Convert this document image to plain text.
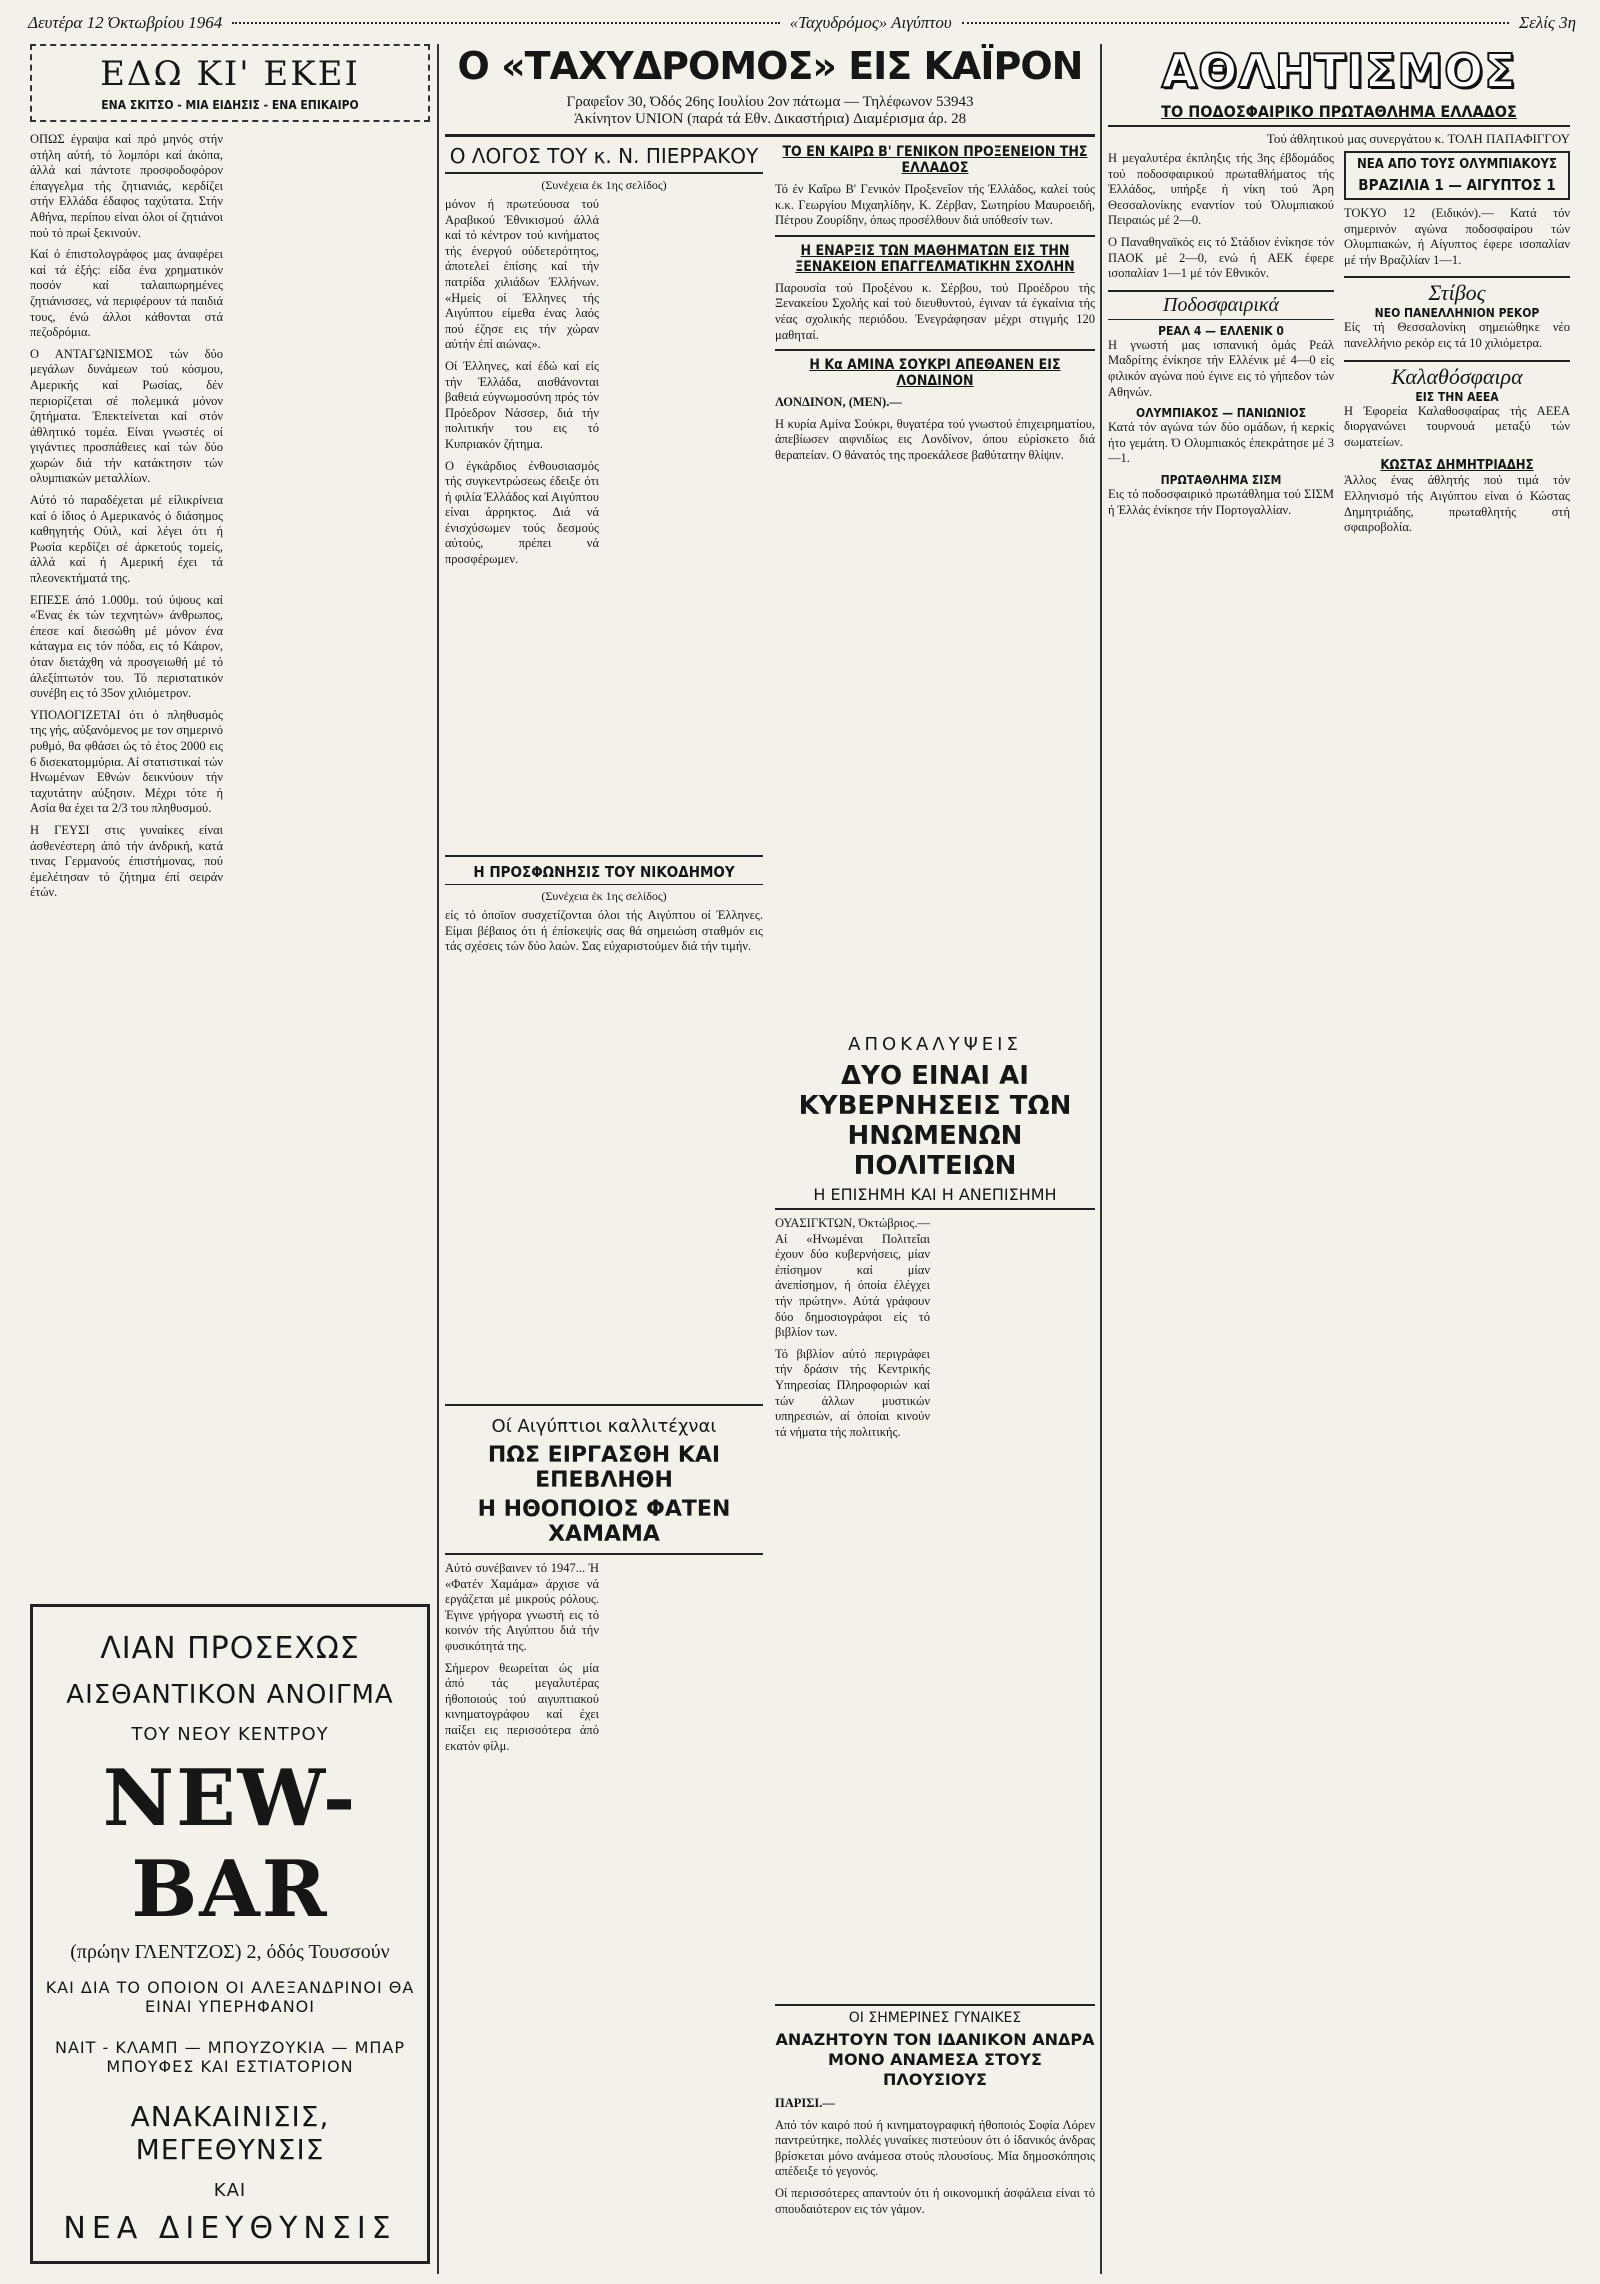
Δευτέρα 12 Όκτωβρίου 1964	«Ταχυδρόμος» Αιγύπτου	Σελίς 3η
ΕΔΩ ΚΙ' ΕΚΕΙ
ΕΝΑ ΣΚΙΤΣΟ - ΜΙΑ ΕΙΔΗΣΙΣ - ΕΝΑ ΕΠΙΚΑΙΡΟ

ΟΠΩΣ έγραψα καί πρό μηνός στήν στήλη αύτή, τό λομπόρι καί άκόπα, άλλά καί πάντοτε προσφοδοφόρον έπαγγελμα τής ζητιανιάς, κερδίζει στήν Ελλάδα έδαφος ταχύτατα. Στήν Αθήνα, περίπου είναι όλοι οί ζητιάνοι πού τό πρωί ξεκινούν.

Καί ό έπιστολογράφος μας άναφέρει καί τά έξής: είδα ένα χρηματικόν ποσόν καί ταλαιπωρημένες ζητιάνισσες, νά περιφέρουν τά παιδιά τους, ένώ άλλοι κάθονται στά πεζοδρόμια.

Ο ΑΝΤΑΓΩΝΙΣΜΟΣ τών δύο μεγάλων δυνάμεων τού κόσμου, Αμερικής καί Ρωσίας, δέν περιορίζεται σέ πολεμικά μόνον ζητήματα. Έπεκτείνεται καί στόν άθλητικό τομέα. Είναι γνωστές οί γιγάντιες προσπάθειες καί τών δύο χωρών διά τήν κατάκτησιν τών ολυμπιακών μεταλλίων.

Αύτό τό παραδέχεται μέ είλικρίνεια καί ό ίδιος ό Αμερικανός ό διάσημος καθηγητής Ούιλ, καί λέγει ότι ή Ρωσία κερδίζει σέ άρκετούς τομείς, άλλά καί ή Αμερική έχει τά πλεονεκτήματά της.

ΕΠΕΣΕ άπό 1.000μ. τού ύψους καί «Ένας έκ τών τεχνητών» άνθρωπος, έπεσε καί διεσώθη μέ μόνον ένα κάταγμα εις τόν πόδα, εις τό Κάιρον, όταν διετάχθη νά προσγειωθή μέ τό άλεξίπτωτόν του. Τό περιστατικόν συνέβη εις τό 35ον χιλιόμετρον.

ΥΠΟΛΟΓΙΖΕΤΑΙ ότι ό πληθυσμός της γής, αύξανόμενος με τον σημερινό ρυθμό, θα φθάσει ώς τό έτος 2000 εις 6 δισεκατομμύρια. Αί στατιστικαί τών Ηνωμένων Εθνών δεικνύουν τήν ταχυτάτην αύξησιν. Μέχρι τότε ή Ασία θα έχει τα 2/3 του πληθυσμού.

Η ΓΕΥΣΙ στις γυναίκες είναι άσθενέστερη άπό τήν άνδρική, κατά τινας Γερμανούς έπιστήμονας, πού έμελέτησαν τό ζήτημα έπί σειράν έτών.

ΛΙΑΝ ΠΡΟΣΕΧΩΣ
ΑΙΣΘΑΝΤΙΚΟΝ ΑΝΟΙΓΜΑ
ΤΟΥ ΝΕΟΥ ΚΕΝΤΡΟΥ
NEW-BAR
(πρώην ΓΛΕΝΤΖΟΣ) 2, όδός Τουσσούν
ΚΑΙ ΔΙΑ ΤΟ ΟΠΟΙΟΝ ΟΙ ΑΛΕΞΑΝΔΡΙΝΟΙ ΘΑ ΕΙΝΑΙ ΥΠΕΡΗΦΑΝΟΙ
ΝΑΙΤ - ΚΛΑΜΠ — ΜΠΟΥΖΟΥΚΙΑ — ΜΠΑΡ ΜΠΟΥΦΕΣ ΚΑΙ ΕΣΤΙΑΤΟΡΙΟΝ
ΑΝΑΚΑΙΝΙΣΙΣ, ΜΕΓΕΘΥΝΣΙΣ
ΚΑΙ
ΝΕΑ ΔΙΕΥΘΥΝΣΙΣ
Ο «ΤΑΧΥΔΡΟΜΟΣ» ΕΙΣ ΚΑΪΡΟΝ
Γραφεΐον 30, Όδός 26ης Ιουλίου 2ον πάτωμα — Τηλέφωνον 53943
Άκίνητον UNION (παρά τά Εθν. Δικαστήρια) Διαμέρισμα άρ. 28
Ο ΛΟΓΟΣ ΤΟΥ κ. Ν. ΠΙΕΡΡΑΚΟΥ
(Συνέχεια έκ 1ης σελίδος)

μόνον ή πρωτεύουσα τού Αραβικού Έθνικισμού άλλά καί τό κέντρον τού κινήματος τής ένεργού ούδετερότητος, άποτελεί έπίσης καί τήν πατρίδα χιλιάδων Έλλήνων. «Ημείς οί Έλληνες τής Αιγύπτου είμεθα ένας λαός πού έζησε εις τήν χώραν αύτήν έπί αιώνας».

Οί Έλληνες, καί έδώ καί είς τήν Έλλάδα, αισθάνονται βαθειά εύγνωμοσύνη πρός τόν Πρόεδρον Νάσσερ, διά τήν πολιτικήν του εις τό Κυπριακόν ζήτημα.

Ο έγκάρδιος ένθουσιασμός τής συγκεντρώσεως έδειξε ότι ή φιλία Έλλάδος καί Αιγύπτου είναι άρρηκτος. Διά νά ένισχύσωμεν τούς δεσμούς αύτούς, πρέπει νά προσφέρωμεν.

Η ΠΡΟΣΦΩΝΗΣΙΣ ΤΟΥ ΝΙΚΟΔΗΜΟΥ
(Συνέχεια έκ 1ης σελίδος)

είς τό όποϊον συσχετίζονται όλοι τής Αιγύπτου οί Έλληνες. Είμαι βέβαιος ότι ή έπίσκεψίς σας θά σημειώση σταθμόν εις τάς σχέσεις τών δύο λαών. Σας εύχαριστούμεν διά τήν τιμήν.

ΤΟ ΕΝ ΚΑΙΡΩ Β' ΓΕΝΙΚΟΝ ΠΡΟΞΕΝΕΙΟΝ ΤΗΣ ΕΛΛΑΔΟΣ

Τό έν Καΐρω Β' Γενικόν Προξενεΐον τής Έλλάδος, καλεί τούς κ.κ. Γεωργίου Μιχαηλίδην, Κ. Ζέρβαν, Σωτηρίου Μαυροειδή, Πέτρου Ζουρίδην, όπως προσέλθουν διά υπόθεσίν των.

Η ΕΝΑΡΞΙΣ ΤΩΝ ΜΑΘΗΜΑΤΩΝ ΕΙΣ ΤΗΝ ΞΕΝΑΚΕΙΟΝ ΕΠΑΓΓΕΛΜΑΤΙΚΗΝ ΣΧΟΛΗΝ

Παρουσία τού Προξένου κ. Σέρβου, τού Προέδρου τής Ξενακείου Σχολής καί τού διευθυντού, έγιναν τά έγκαίνια τής νέας σχολικής περιόδου. Ένεγράφησαν μέχρι στιγμής 120 μαθηταί.

Η Κα ΑΜΙΝΑ ΣΟΥΚΡΙ ΑΠΕΘΑΝΕΝ ΕΙΣ ΛΟΝΔΙΝΟΝ

ΛΟΝΔΙΝΟΝ, (ΜΕΝ).—

Η κυρία Αμίνα Σούκρι, θυγατέρα τού γνωστού έπιχειρηματίου, άπεβίωσεν αιφνιδίως εις Λονδίνον, όπου εύρίσκετο διά θεραπείαν. Ο θάνατός της προεκάλεσε βαθύτατην θλίψιν.

ΑΠΟΚΑΛΥΨΕΙΣ
ΔΥΟ ΕΙΝΑΙ ΑΙ ΚΥΒΕΡΝΗΣΕΙΣ ΤΩΝ ΗΝΩΜΕΝΩΝ ΠΟΛΙΤΕΙΩΝ
Η ΕΠΙΣΗΜΗ ΚΑΙ Η ΑΝΕΠΙΣΗΜΗ

ΟΥΑΣΙΓΚΤΩΝ, Όκτώβριος.— Αί «Ηνωμέναι Πολιτεΐαι έχουν δύο κυβερνήσεις, μίαν έπίσημον καί μίαν άνεπίσημον, ή όποία έλέγχει τήν πρώτην». Αύτά γράφουν δύο δημοσιογράφοι είς τό βιβλίον των.

Τό βιβλίον αύτό περιγράφει τήν δράσιν τής Κεντρικής Υπηρεσίας Πληροφοριών καί τών άλλων μυστικών υπηρεσιών, αί όποίαι κινούν τά νήματα τής πολιτικής.

Οί Αιγύπτιοι καλλιτέχναι
ΠΩΣ ΕΙΡΓΑΣΘΗ ΚΑΙ ΕΠΕΒΛΗΘΗ
Η ΗΘΟΠΟΙΟΣ ΦΑΤΕΝ ΧΑΜΑΜΑ

Αύτό συνέβαινεν τό 1947... Ή «Φατέν Χαμάμα» άρχισε νά εργάζεται μέ μικρούς ρόλους. Έγινε γρήγορα γνωστή εις τό κοινόν τής Αιγύπτου διά τήν φυσικότητά της.

Σήμερον θεωρείται ώς μία άπό τάς μεγαλυτέρας ήθοποιούς τού αιγυπτιακού κινηματογράφου καί έχει παίξει εις περισσότερα άπό εκατόν φίλμ.

ΟΙ ΣΗΜΕΡΙΝΕΣ ΓΥΝΑΙΚΕΣ
ΑΝΑΖΗΤΟΥΝ ΤΟΝ ΙΔΑΝΙΚΟΝ ΑΝΔΡΑ ΜΟΝΟ ΑΝΑΜΕΣΑ ΣΤΟΥΣ ΠΛΟΥΣΙΟΥΣ

ΠΑΡΙΣΙ.—

Από τόν καιρό πού ή κινηματογραφική ήθοποιός Σοφία Λόρεν παντρεύτηκε, πολλές γυναίκες πιστεύουν ότι ό ίδανικός άνδρας βρίσκεται μόνο ανάμεσα στούς πλουσίους. Μία δημοσκόπησις απέδειξε τό γεγονός.

Οί περισσότερες απαντούν ότι ή οικονομική άσφάλεια είναι τό σπουδαιότερον εις τόν γάμον.

ΑΘΛΗΤΙΣΜΟΣ
ΤΟ ΠΟΔΟΣΦΑΙΡΙΚΟ ΠΡΩΤΑΘΛΗΜΑ ΕΛΛΑΔΟΣ
Τού άθλητικού μας συνεργάτου κ. ΤΟΛΗ ΠΑΠΑΦΙΓΓΟΥ

Η μεγαλυτέρα έκπληξις τής 3ης έβδομάδος τού ποδοσφαιρικού πρωταθλήματος τής Έλλάδος, υπήρξε ή νίκη τού Άρη Θεσσαλονίκης εναντίον τού Όλυμπιακού Πειραιώς μέ 2—0.

Ο Παναθηναϊκός εις τό Στάδιον ένίκησε τόν ΠΑΟΚ μέ 2—0, ενώ ή ΑΕΚ έφερε ισοπαλίαν 1—1 μέ τόν Εθνικόν.

Ποδοσφαιρικά
ΡΕΑΛ 4 — ΕΛΛΕΝΙΚ 0

Η γνωστή μας ισπανική όμάς Ρεάλ Μαδρίτης ένίκησε τήν Ελλένικ μέ 4—0 είς φιλικόν αγώνα πού έγινε εις τό γήπεδον τών Αθηνών.

ΟΛΥΜΠΙΑΚΟΣ — ΠΑΝΙΩΝΙΟΣ

Κατά τόν αγώνα τών δύο ομάδων, ή κερκίς ήτο γεμάτη. Ό Ολυμπιακός έπεκράτησε μέ 3—1.

ΠΡΩΤΑΘΛΗΜΑ ΣΙΣΜ

Εις τό ποδοσφαιρικό πρωτάθλημα τού ΣΙΣΜ ή Έλλάς ένίκησε τήν Πορτογαλλίαν.

ΝΕΑ ΑΠΟ ΤΟΥΣ ΟΛΥΜΠΙΑΚΟΥΣ
ΒΡΑΖΙΛΙΑ 1 — ΑΙΓΥΠΤΟΣ 1

ΤΟΚΥΟ 12 (Ειδικόν).— Κατά τόν σημερινόν αγώνα ποδοσφαίρου τών Ολυμπιακών, ή Αίγυπτος έφερε ισοπαλίαν μέ τήν Βραζιλίαν 1—1.

Στίβος
ΝΕΟ ΠΑΝΕΛΛΗΝΙΟΝ ΡΕΚΟΡ

Είς τή Θεσσαλονίκη σημειώθηκε νέο πανελλήνιο ρεκόρ εις τά 10 χιλιόμετρα.

Καλαθόσφαιρα
ΕΙΣ ΤΗΝ ΑΕΕΑ

Η Έφορεία Καλαθοσφαίρας τής ΑΕΕΑ διοργανώνει τουρνουά μεταξύ τών σωματείων.

ΚΩΣΤΑΣ ΔΗΜΗΤΡΙΑΔΗΣ

Άλλος ένας άθλητής πού τιμά τόν Ελληνισμό τής Αιγύπτου είναι ό Κώστας Δημητριάδης, πρωταθλητής στή σφαιροβολία.
